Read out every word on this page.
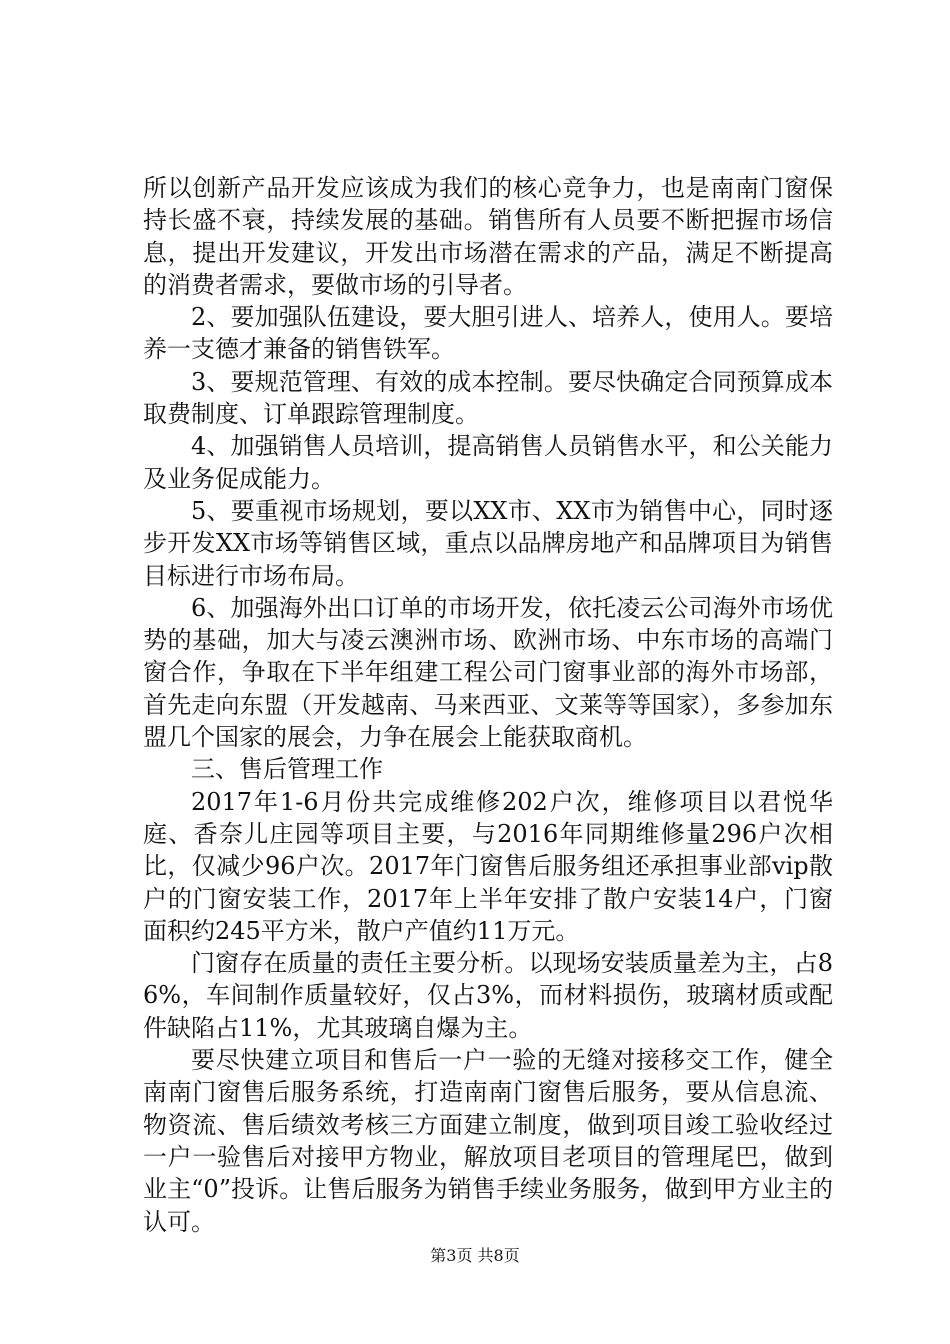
所以创新产品开发应该成为我们的核心竞争力，也是南南门窗保持长盛不衰，持续发展的基础。销售所有人员要不断把握市场信息，提出开发建议，开发出市场潜在需求的产品，满足不断提高的消费者需求，要做市场的引导者。

2、要加强队伍建设，要大胆引进人、培养人，使用人。要培养一支德才兼备的销售铁军。

3、要规范管理、有效的成本控制。要尽快确定合同预算成本取费制度、订单跟踪管理制度。

4、加强销售人员培训，提高销售人员销售水平，和公关能力及业务促成能力。

5、要重视市场规划，要以XX市、XX市为销售中心，同时逐步开发XX市场等销售区域，重点以品牌房地产和品牌项目为销售目标进行市场布局。

6、加强海外出口订单的市场开发，依托凌云公司海外市场优势的基础，加大与凌云澳洲市场、欧洲市场、中东市场的高端门窗合作，争取在下半年组建工程公司门窗事业部的海外市场部，首先走向东盟（开发越南、马来西亚、文莱等等国家），多参加东盟几个国家的展会，力争在展会上能获取商机。

三、售后管理工作

2017年1-6月份共完成维修202户次，维修项目以君悦华庭、香奈儿庄园等项目主要，与2016年同期维修量296户次相比，仅减少96户次。2017年门窗售后服务组还承担事业部vip散户的门窗安装工作，2017年上半年安排了散户安装14户，门窗面积约245平方米，散户产值约11万元。

门窗存在质量的责任主要分析。以现场安装质量差为主，占86%，车间制作质量较好，仅占3%，而材料损伤，玻璃材质或配件缺陷占11%，尤其玻璃自爆为主。

要尽快建立项目和售后一户一验的无缝对接移交工作，健全南南门窗售后服务系统，打造南南门窗售后服务，要从信息流、物资流、售后绩效考核三方面建立制度，做到项目竣工验收经过一户一验售后对接甲方物业，解放项目老项目的管理尾巴，做到业主“0”投诉。让售后服务为销售手续业务服务，做到甲方业主的认可。

第3页 共8页
